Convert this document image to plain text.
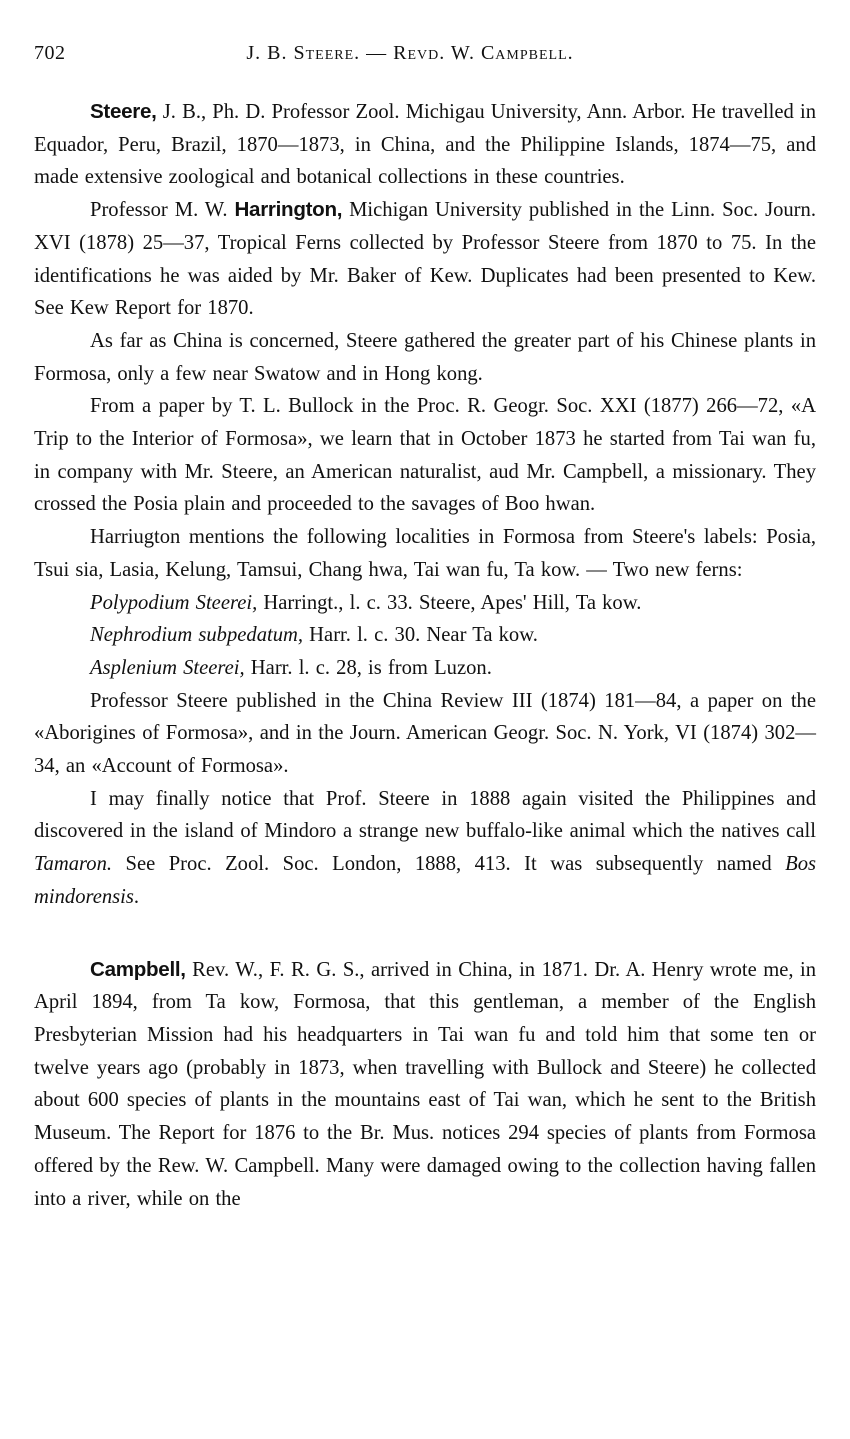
702	J. B. Steere. — Revd. W. Campbell.

Steere, J. B., Ph. D. Professor Zool. Michigau University, Ann. Arbor. He travelled in Equador, Peru, Brazil, 1870—1873, in China, and the Philippine Islands, 1874—75, and made extensive zoological and botanical collections in these countries.

Professor M. W. Harrington, Michigan University published in the Linn. Soc. Journ. XVI (1878) 25—37, Tropical Ferns collected by Professor Steere from 1870 to 75. In the identifications he was aided by Mr. Baker of Kew. Duplicates had been presented to Kew. See Kew Report for 1870.

As far as China is concerned, Steere gathered the greater part of his Chinese plants in Formosa, only a few near Swatow and in Hong kong.

From a paper by T. L. Bullock in the Proc. R. Geogr. Soc. XXI (1877) 266—72, «A Trip to the Interior of Formosa», we learn that in October 1873 he started from Tai wan fu, in company with Mr. Steere, an American naturalist, aud Mr. Campbell, a missionary. They crossed the Posia plain and proceeded to the savages of Boo hwan.

Harriugton mentions the following localities in Formosa from Steere's labels: Posia, Tsui sia, Lasia, Kelung, Tamsui, Chang hwa, Tai wan fu, Ta kow. — Two new ferns:

Polypodium Steerei, Harringt., l. c. 33. Steere, Apes' Hill, Ta kow.

Nephrodium subpedatum, Harr. l. c. 30. Near Ta kow.

Asplenium Steerei, Harr. l. c. 28, is from Luzon.

Professor Steere published in the China Review III (1874) 181—84, a paper on the «Aborigines of Formosa», and in the Journ. American Geogr. Soc. N. York, VI (1874) 302—34, an «Account of Formosa».

I may finally notice that Prof. Steere in 1888 again visited the Philippines and discovered in the island of Mindoro a strange new buffalo-like animal which the natives call Tamaron. See Proc. Zool. Soc. London, 1888, 413. It was subsequently named Bos mindorensis.

Campbell, Rev. W., F. R. G. S., arrived in China, in 1871. Dr. A. Henry wrote me, in April 1894, from Ta kow, Formosa, that this gentleman, a member of the English Presbyterian Mission had his headquarters in Tai wan fu and told him that some ten or twelve years ago (probably in 1873, when travelling with Bullock and Steere) he collected about 600 species of plants in the mountains east of Tai wan, which he sent to the British Museum. The Report for 1876 to the Br. Mus. notices 294 species of plants from Formosa offered by the Rew. W. Campbell. Many were damaged owing to the collection having fallen into a river, while on the
